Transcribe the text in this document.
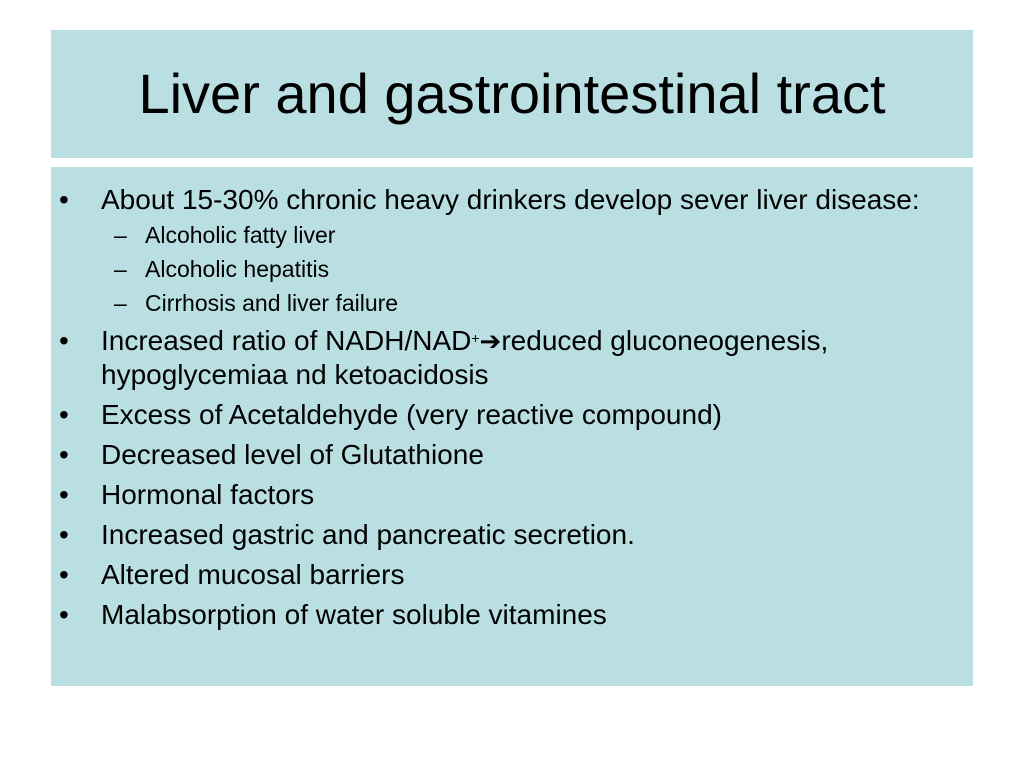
Liver and gastrointestinal tract
•	About 15-30% chronic heavy drinkers develop sever liver disease:
– Alcoholic fatty liver
– Alcoholic hepatitis
– Cirrhosis and liver failure
•	Increased ratio of NADH/NAD+➔reduced gluconeogenesis, hypoglycemiaa nd ketoacidosis
•	Excess of Acetaldehyde (very reactive compound)
•	Decreased level of Glutathione
•	Hormonal factors
•	Increased gastric and pancreatic secretion.
•	Altered mucosal barriers
•	Malabsorption of water soluble vitamines
